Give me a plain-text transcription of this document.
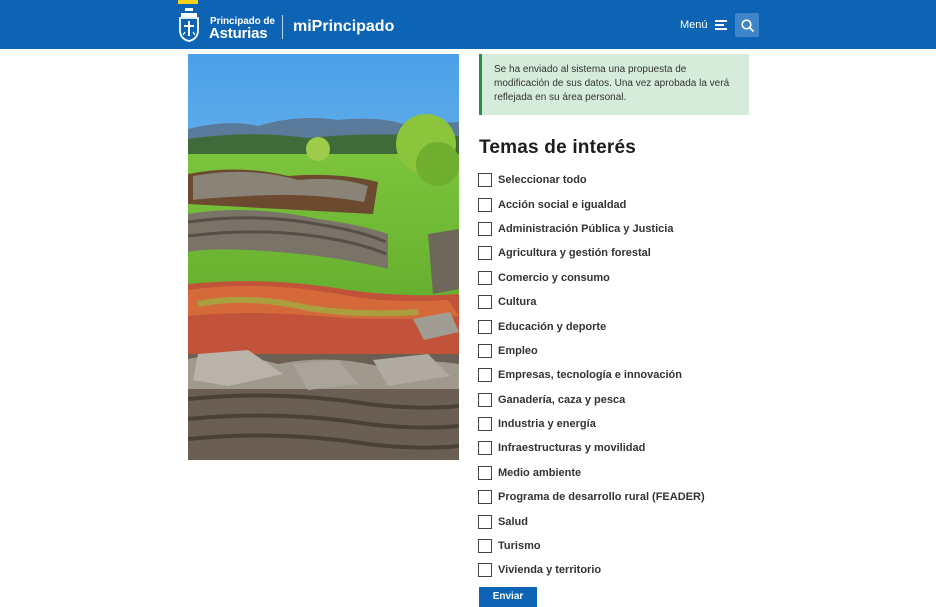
Principado de
Asturias miPrincipado	Menú
Se ha enviado al sistema una propuesta de modificación de sus datos. Una vez aprobada la verá reflejada en su área personal.
Temas de interés
Seleccionar todo
Acción social e igualdad
Administración Pública y Justicia
Agricultura y gestión forestal
Comercio y consumo
Cultura
Educación y deporte
Empleo
Empresas, tecnología e innovación
Ganadería, caza y pesca
Industria y energía
Infraestructuras y movilidad
Medio ambiente
Programa de desarrollo rural (FEADER)
Salud
Turismo
Vivienda y territorio
Enviar
